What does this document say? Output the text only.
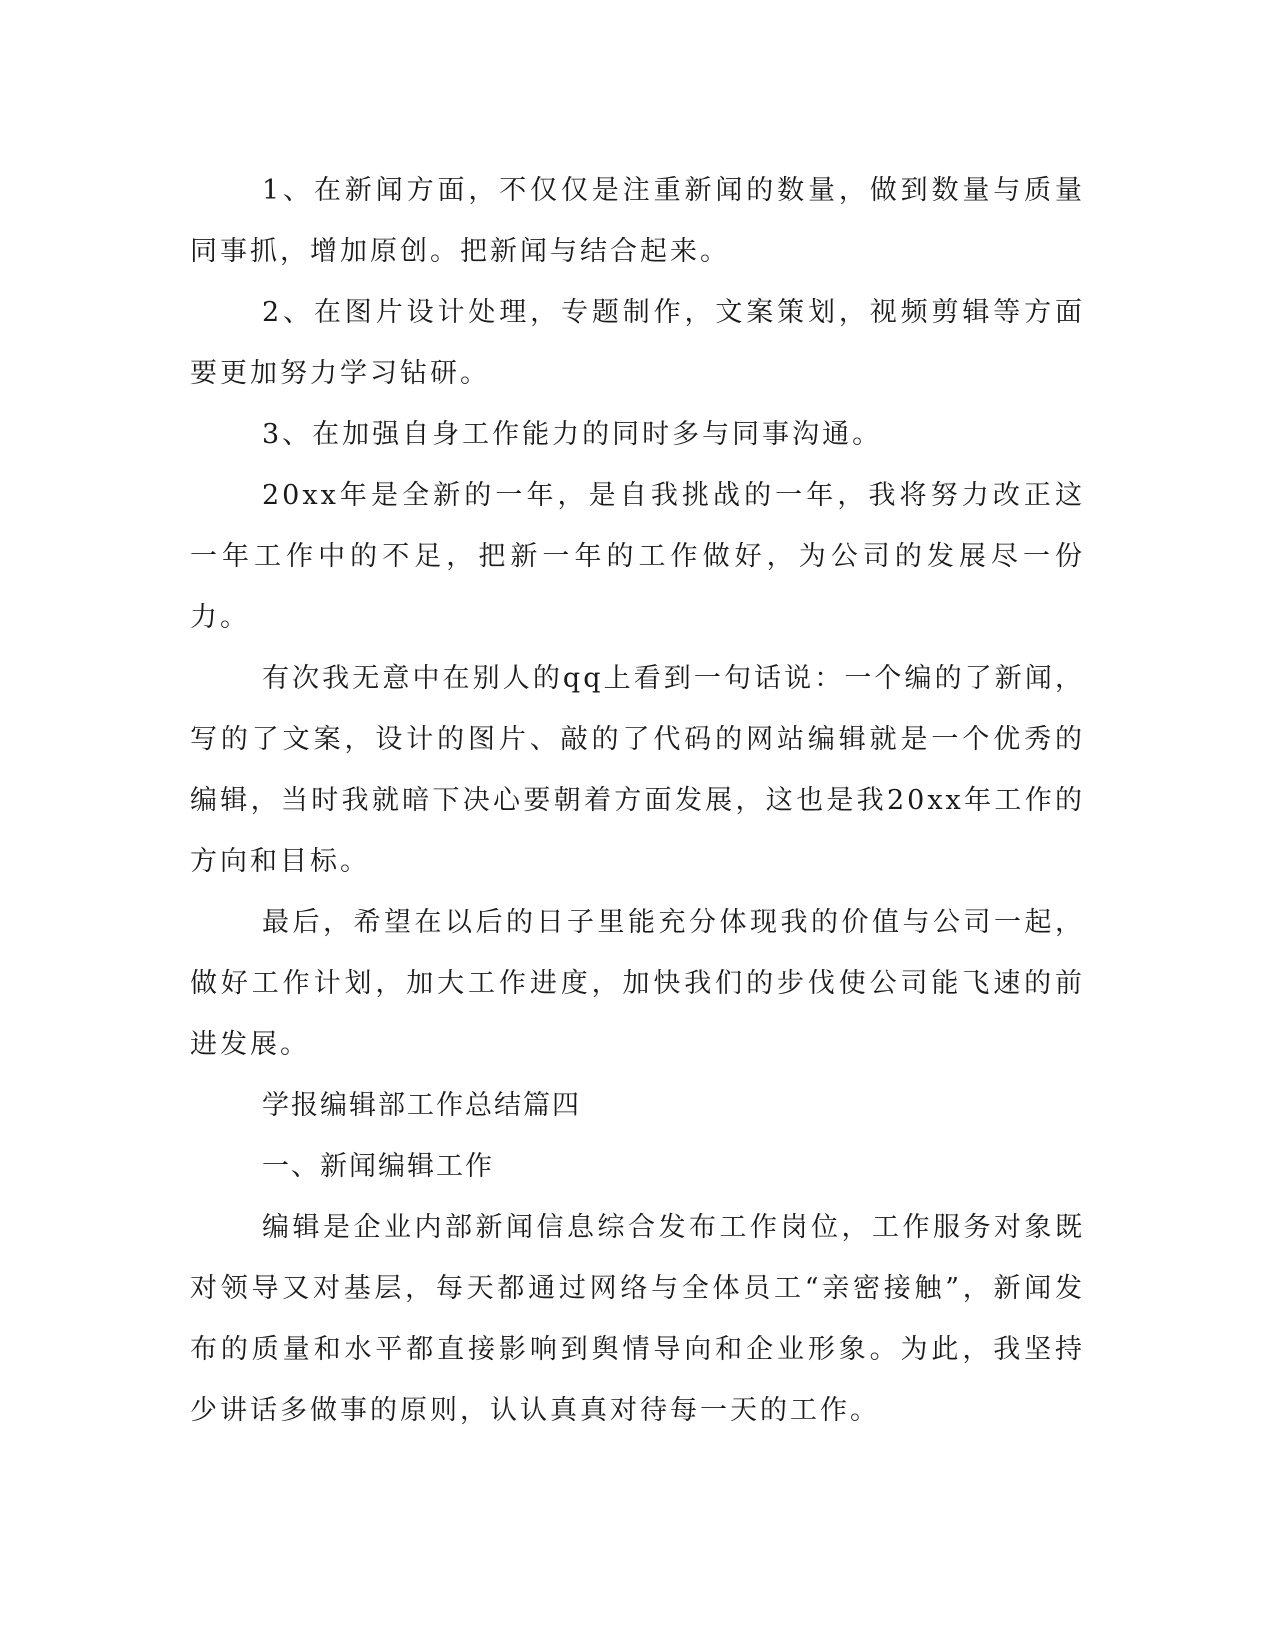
1、在新闻方面，不仅仅是注重新闻的数量，做到数量与质量同事抓，增加原创。把新闻与结合起来。

2、在图片设计处理，专题制作，文案策划，视频剪辑等方面要更加努力学习钻研。

3、在加强自身工作能力的同时多与同事沟通。

20xx年是全新的一年，是自我挑战的一年，我将努力改正这一年工作中的不足，把新一年的工作做好，为公司的发展尽一份力。

有次我无意中在别人的qq上看到一句话说：一个编的了新闻，写的了文案，设计的图片、敲的了代码的网站编辑就是一个优秀的编辑，当时我就暗下决心要朝着方面发展，这也是我20xx年工作的方向和目标。

最后，希望在以后的日子里能充分体现我的价值与公司一起，做好工作计划，加大工作进度，加快我们的步伐使公司能飞速的前进发展。

学报编辑部工作总结篇四

一、新闻编辑工作

编辑是企业内部新闻信息综合发布工作岗位，工作服务对象既对领导又对基层，每天都通过网络与全体员工“亲密接触”，新闻发布的质量和水平都直接影响到舆情导向和企业形象。为此，我坚持少讲话多做事的原则，认认真真对待每一天的工作。
